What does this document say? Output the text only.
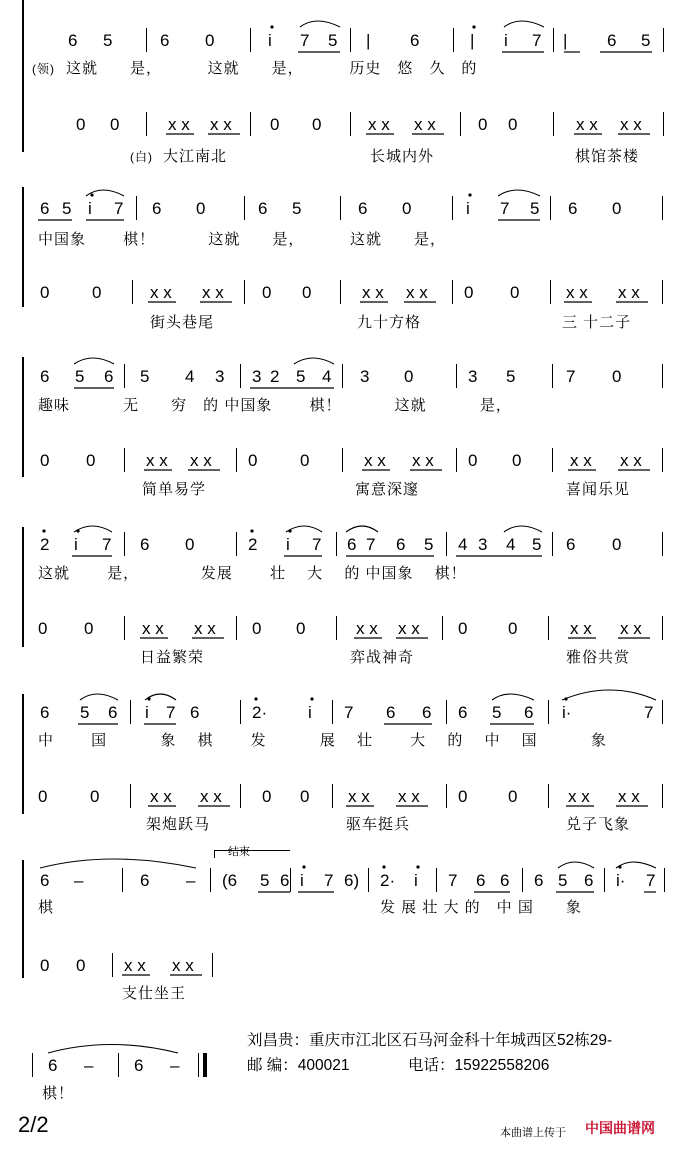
6 5	6 0	i 7 5 | 6	| i 7 | 6 5
(领) 这就　　是，　　　 这就　　是，　　　 历史　悠　久　的
0 0	x x x x 0 0	x x x x 0 0	x x x x
(白) 大江南北	长城内外	棋馆茶楼
6 5 i 7 6 0	6 5	6 0	i 7 5 6 0
中国象　　 棋！　　　 这就　　是，　　　 这就　　是，
0	0	x x x x 0 0	x x x x 0 0	x x x x
街头巷尾	九十方格	三 十二子
6 5 6 5 4 3 3 2 5 4 3 0	3 5	7 0
趣味　　　 无　　穷　的 中国象　　 棋！　　　 这就　　　 是，
0 0	x x x x 0	0	x x x x 0 0	x x x x
简单易学	寓意深邃	喜闻乐见
2 i 7 6 0	2 i 7 6 7 6 5 4 3 4 5 6 0
这就　　 是，　　　　 发展　　 壮　 大　 的 中国象　 棋！
0 0	x x x x 0 0	x x x x 0 0	x x x x
日益繁荣	弈战神奇	雅俗共赏
6 5 6 i 7 6	2· i 7 6 6 6 5 6 i·	7
中　　 国　　　 象　 棋　　 发　　　 展　 壮　　 大　 的　 中　 国　　　 象
0	0	x x x x 0 0 x x x x 0 0	x x x x
架炮跃马	驱车挺兵	兑子飞象
结束
6 –	6 – (6 5 6 i 7 6) 2· i 7 6 6 6 5 6 i· 7
棋	发 展 壮 大 的　中 国　　象
0 0 x x x x
支仕坐王
6 – 6 –
棋！
刘昌贵：重庆市江北区石马河金科十年城西区52栋29-
邮 编：400021	电话：15922558206
2/2	本曲谱上传于 中国曲谱网
